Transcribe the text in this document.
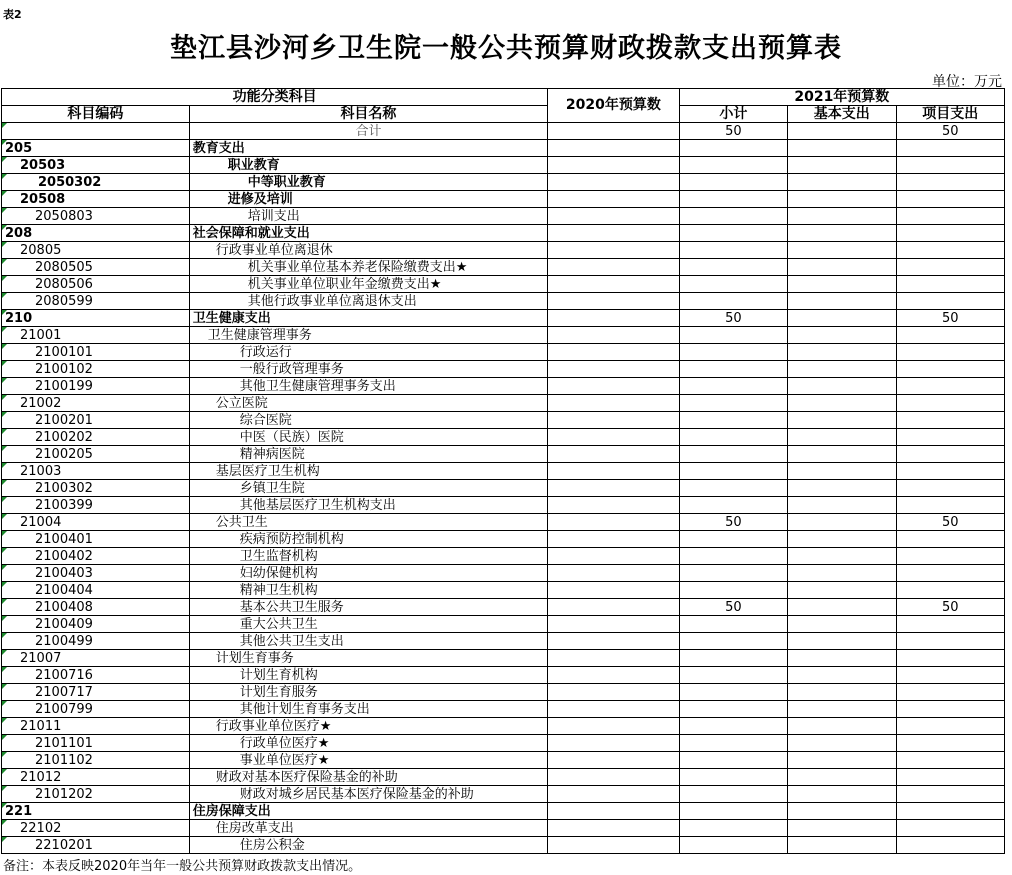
表2
垫江县沙河乡卫生院一般公共预算财政拨款支出预算表
单位：万元
功能分类科目		2020年预算数	2021年预算数		
科目编码	科目名称		小计	基本支出	项目支出

	合计		50		50
205	教育支出				
20503	职业教育				
2050302	中等职业教育				
20508	进修及培训				
2050803	培训支出				
208	社会保障和就业支出				
20805	行政事业单位离退休				
2080505	机关事业单位基本养老保险缴费支出★				
2080506	机关事业单位职业年金缴费支出★				
2080599	其他行政事业单位离退休支出				
210	卫生健康支出		50		50
21001	卫生健康管理事务				
2100101	行政运行				
2100102	一般行政管理事务				
2100199	其他卫生健康管理事务支出				
21002	公立医院				
2100201	综合医院				
2100202	中医（民族）医院				
2100205	精神病医院				
21003	基层医疗卫生机构				
2100302	乡镇卫生院				
2100399	其他基层医疗卫生机构支出				
21004	公共卫生		50		50
2100401	疾病预防控制机构				
2100402	卫生监督机构				
2100403	妇幼保健机构				
2100404	精神卫生机构				
2100408	基本公共卫生服务		50		50
2100409	重大公共卫生				
2100499	其他公共卫生支出				
21007	计划生育事务				
2100716	计划生育机构				
2100717	计划生育服务				
2100799	其他计划生育事务支出				
21011	行政事业单位医疗★				
2101101	行政单位医疗★				
2101102	事业单位医疗★				
21012	财政对基本医疗保险基金的补助				
2101202	财政对城乡居民基本医疗保险基金的补助				
221	住房保障支出				
22102	住房改革支出				
2210201	住房公积金				
备注：本表反映2020年当年一般公共预算财政拨款支出情况。
